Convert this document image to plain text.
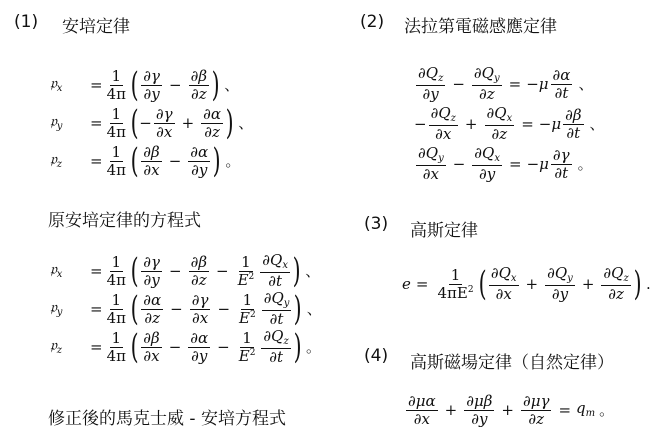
(1) 安培定律	(2) 法拉第電磁感應定律
(3) 高斯定律
(4) 高斯磁場定律（自然定律）
原安培定律的方程式
修正後的馬克士威 - 安培方程式
𝔭$_x$	= $\frac{1}{4\pi}$ ( $\frac{\partial\gamma}{\partial y} - \frac{\partial\beta}{\partial z}$ ) 、
𝔭$_y$	= $\frac{1}{4\pi}$ ( − $\frac{\partial\gamma}{\partial x} + \frac{\partial\alpha}{\partial z}$ ) 、
𝔭$_z$	= $\frac{1}{4\pi}$ ( $\frac{\partial\beta}{\partial x} - \frac{\partial\alpha}{\partial y}$ ) 。
𝔭$_x$	= $\frac{1}{4\pi}$ ( $\frac{\partial\gamma}{\partial y} - \frac{\partial\beta}{\partial z} - \frac{1}{E^2} \frac{\partial Q_x}{\partial t}$ ) 、
𝔭$_y$	= $\frac{1}{4\pi}$ ( $\frac{\partial\alpha}{\partial z} - \frac{\partial\gamma}{\partial x} - \frac{1}{E^2} \frac{\partial Q_y}{\partial t}$ ) 、
𝔭$_z$	= $\frac{1}{4\pi}$ ( $\frac{\partial\beta}{\partial x} - \frac{\partial\alpha}{\partial y} - \frac{1}{E^2} \frac{\partial Q_z}{\partial t}$ ) 。
$\frac{\partial Q_z}{\partial y} - \frac{\partial Q_y}{\partial z} = -\mu \frac{\partial\alpha}{\partial t}$ 、
− $\frac{\partial Q_z}{\partial x} + \frac{\partial Q_x}{\partial z} = -\mu \frac{\partial\beta}{\partial t}$ 、
$\frac{\partial Q_y}{\partial x} - \frac{\partial Q_x}{\partial y} = -\mu \frac{\partial\gamma}{\partial t}$ 。
$e = \frac{1}{4\pi E^2}$ ( $\frac{\partial Q_x}{\partial x} + \frac{\partial Q_y}{\partial y} + \frac{\partial Q_z}{\partial z}$ ) .
$\frac{\partial\mu\alpha}{\partial x} + \frac{\partial\mu\beta}{\partial y} + \frac{\partial\mu\gamma}{\partial z} = q_m$ 。
